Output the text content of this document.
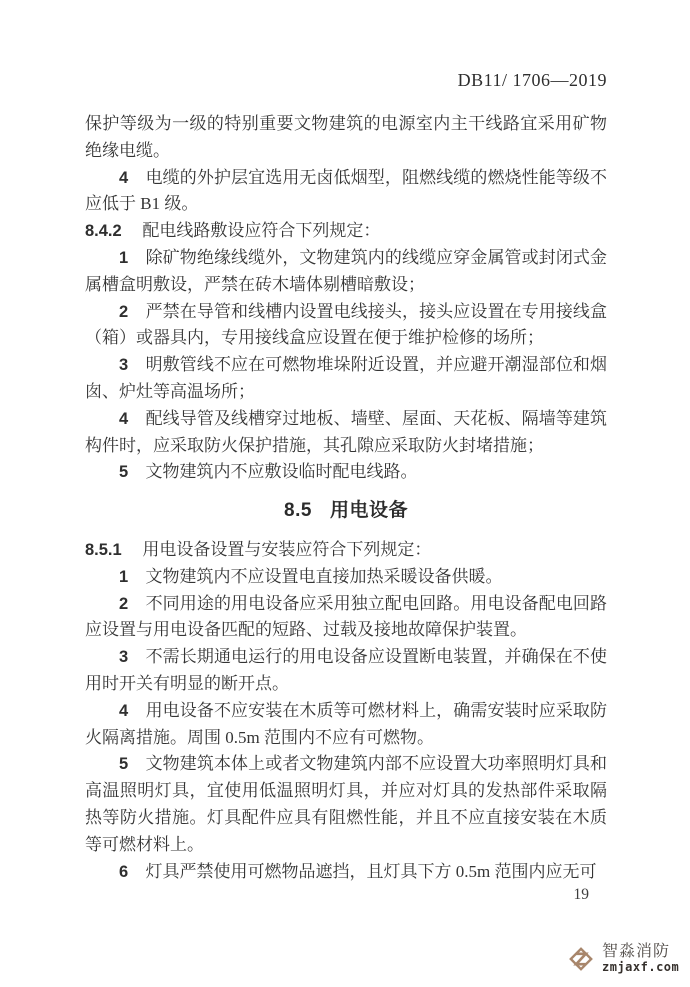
DB11/ 1706—2019

保护等级为一级的特别重要文物建筑的电源室内主干线路宜采用矿物绝缘电缆。

4 电缆的外护层宜选用无卤低烟型，阻燃线缆的燃烧性能等级不应低于 B1 级。

8.4.2 配电线路敷设应符合下列规定：

1 除矿物绝缘线缆外，文物建筑内的线缆应穿金属管或封闭式金属槽盒明敷设，严禁在砖木墙体剔槽暗敷设；

2 严禁在导管和线槽内设置电线接头，接头应设置在专用接线盒（箱）或器具内，专用接线盒应设置在便于维护检修的场所；

3 明敷管线不应在可燃物堆垛附近设置，并应避开潮湿部位和烟囱、炉灶等高温场所；

4 配线导管及线槽穿过地板、墙壁、屋面、天花板、隔墙等建筑构件时，应采取防火保护措施，其孔隙应采取防火封堵措施；

5 文物建筑内不应敷设临时配电线路。

8.5 用电设备

8.5.1 用电设备设置与安装应符合下列规定：

1 文物建筑内不应设置电直接加热采暖设备供暖。

2 不同用途的用电设备应采用独立配电回路。用电设备配电回路应设置与用电设备匹配的短路、过载及接地故障保护装置。

3 不需长期通电运行的用电设备应设置断电装置，并确保在不使用时开关有明显的断开点。

4 用电设备不应安装在木质等可燃材料上，确需安装时应采取防火隔离措施。周围 0.5m 范围内不应有可燃物。

5 文物建筑本体上或者文物建筑内部不应设置大功率照明灯具和高温照明灯具，宜使用低温照明灯具，并应对灯具的发热部件采取隔热等防火措施。灯具配件应具有阻燃性能，并且不应直接安装在木质等可燃材料上。

6 灯具严禁使用可燃物品遮挡，且灯具下方 0.5m 范围内应无可

19
智淼消防
zmjaxf.com
